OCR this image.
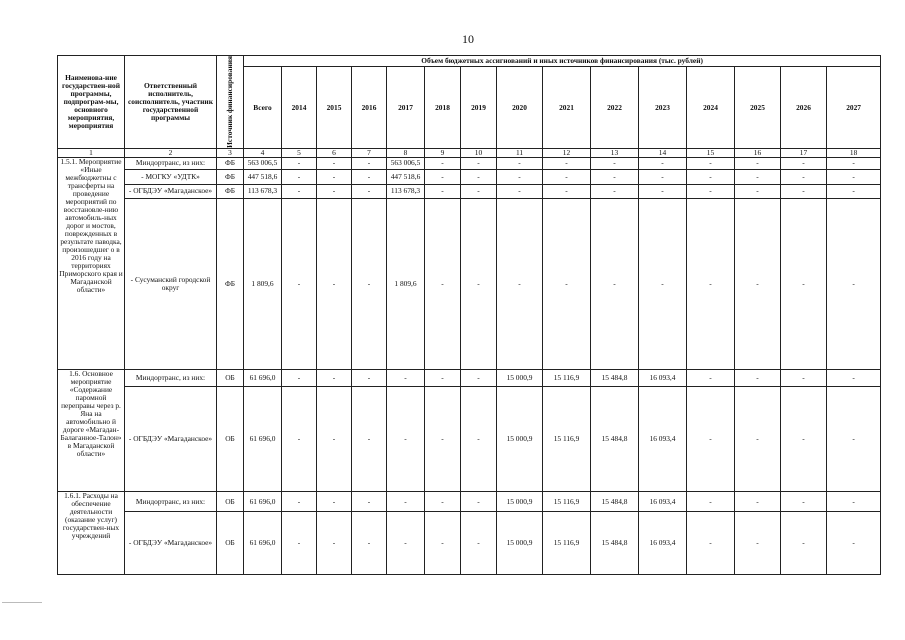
10
Наименова-ние государствен-ной программы, подпрограм-мы, основного мероприятия, мероприятия	Ответственный исполнитель, соисполнитель, участник государственной программы	Источник финансирования	Объем бюджетных ассигнований и иных источников финансирования (тыс. рублей)														
			Всего	2014	2015	2016	2017	2018	2019	2020	2021	2022	2023	2024	2025	2026	2027
1	2	3	4	5	6	7	8	9	10	11	12	13	14	15	16	17	18
1.5.1. Мероприятие «Иные межбюджетны с трансферты на проведение мероприятий по восстановле-нию автомобиль-ных дорог и мостов, поврежденных в результате паводка, произошедшег о в 2016 году на территориях Приморского края и Магаданской области»	Миндортранс, из них:	ФБ	563 006,5	-	-	-	563 006,5	-	-	-	-	-	-	-	-	-	-
	- МОГКУ «УДТК»	ФБ	447 518,6	-	-	-	447 518,6	-	-	-	-	-	-	-	-	-	-
	- ОГБДЭУ «Магаданское»	ФБ	113 678,3	-	-	-	113 678,3	-	-	-	-	-	-	-	-	-	-
	- Сусуманский городской округ	ФБ	1 809,6	-	-	-	1 809,6	-	-	-	-	-	-	-	-	-	-
1.6. Основное мероприятие «Содержание паромной переправы через р. Яна на автомобильно й дороге «Магадан-Балаганное-Талон» в Магаданской области»	Миндортранс, из них:	ОБ	61 696,0	-	-	-	-	-	-	15 000,9	15 116,9	15 484,8	16 093,4	-	-	-	-
	- ОГБДЭУ «Магаданское»	ОБ	61 696,0	-	-	-	-	-	-	15 000,9	15 116,9	15 484,8	16 093,4	-	-	-	-
1.6.1. Расходы на обеспечение деятельности (оказание услуг) государствен-ных учреждений	Миндортранс, из них:	ОБ	61 696,0	-	-	-	-	-	-	15 000,9	15 116,9	15 484,8	16 093,4	-	-	-	-
	- ОГБДЭУ «Магаданское»	ОБ	61 696,0	-	-	-	-	-	-	15 000,9	15 116,9	15 484,8	16 093,4	-	-	-	-
